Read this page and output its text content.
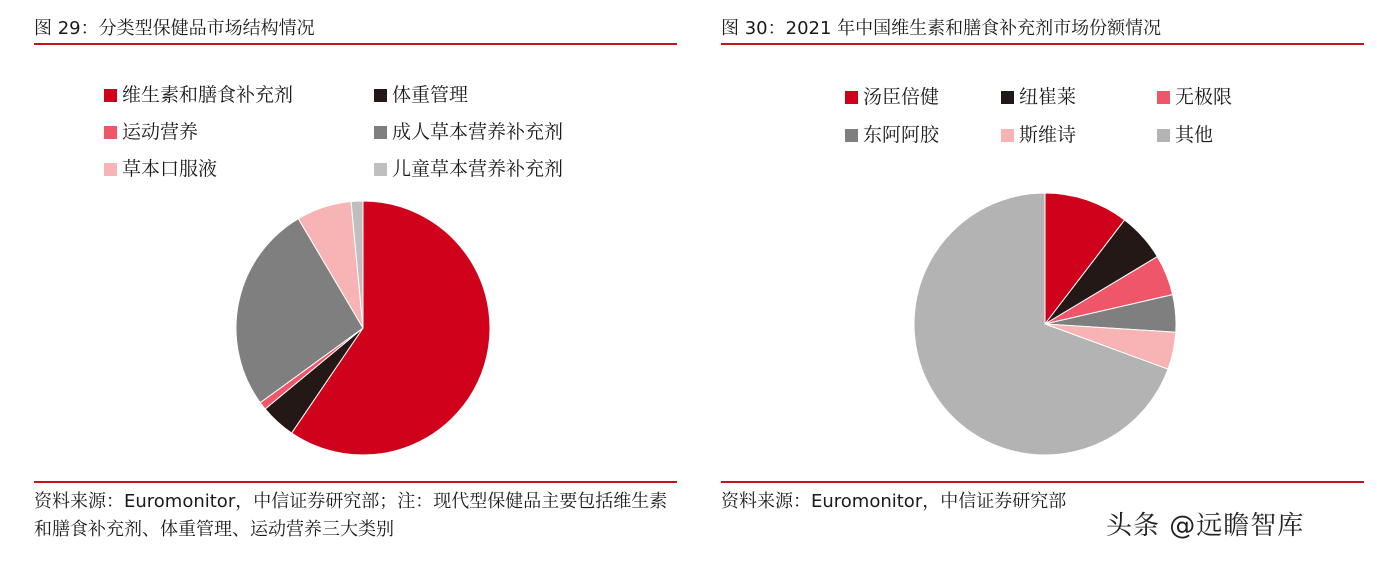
图 29：分类型保健品市场结构情况
维生素和膳食补充剂	体重管理
运动营养	成人草本营养补充剂
草本口服液	儿童草本营养补充剂
资料来源：Euromonitor，中信证券研究部；注：现代型保健品主要包括维生素和膳食补充剂、体重管理、运动营养三大类别
图 30：2021 年中国维生素和膳食补充剂市场份额情况
汤臣倍健	纽崔莱	无极限
东阿阿胶	斯维诗	其他
资料来源：Euromonitor，中信证券研究部
头条 @远瞻智库
